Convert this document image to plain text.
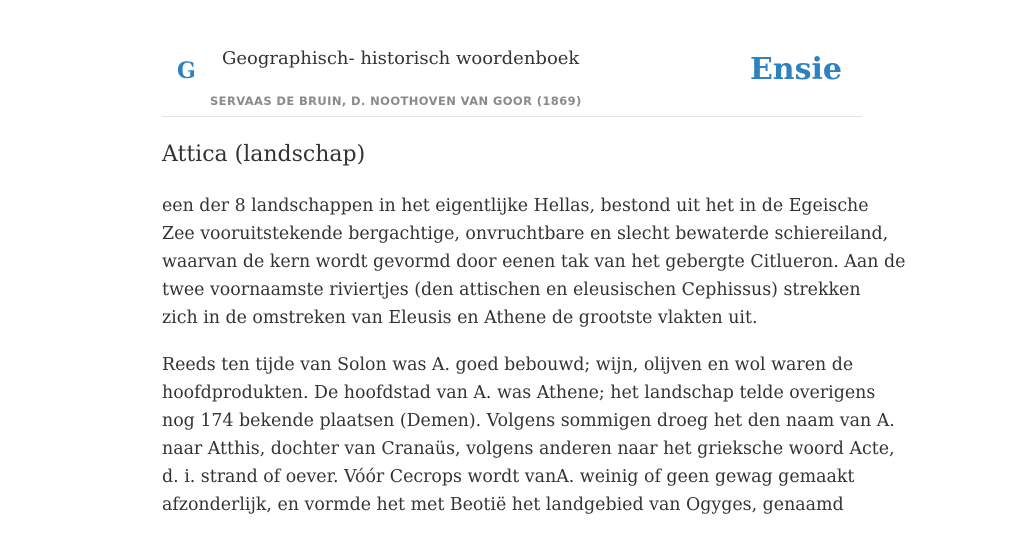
G Geographisch- historisch woordenboek
SERVAAS DE BRUIN, D. NOOTHOVEN VAN GOOR (1869)
Ensie
Attica (landschap)

een der 8 landschappen in het eigentlijke Hellas, bestond uit het in de Egeische
Zee vooruitstekende bergachtige, onvruchtbare en slecht bewaterde schiereiland,
waarvan de kern wordt gevormd door eenen tak van het gebergte Citlueron. Aan de
twee voornaamste riviertjes (den attischen en eleusischen Cephissus) strekken
zich in de omstreken van Eleusis en Athene de grootste vlakten uit.

Reeds ten tijde van Solon was A. goed bebouwd; wijn, olijven en wol waren de
hoofdprodukten. De hoofdstad van A. was Athene; het landschap telde overigens
nog 174 bekende plaatsen (Demen). Volgens sommigen droeg het den naam van A.
naar Atthis, dochter van Cranaüs, volgens anderen naar het grieksche woord Acte,
d. i. strand of oever. Vóór Cecrops wordt vanA. weinig of geen gewag gemaakt
afzonderlijk, en vormde het met Beotië het landgebied van Ogyges, genaamd
